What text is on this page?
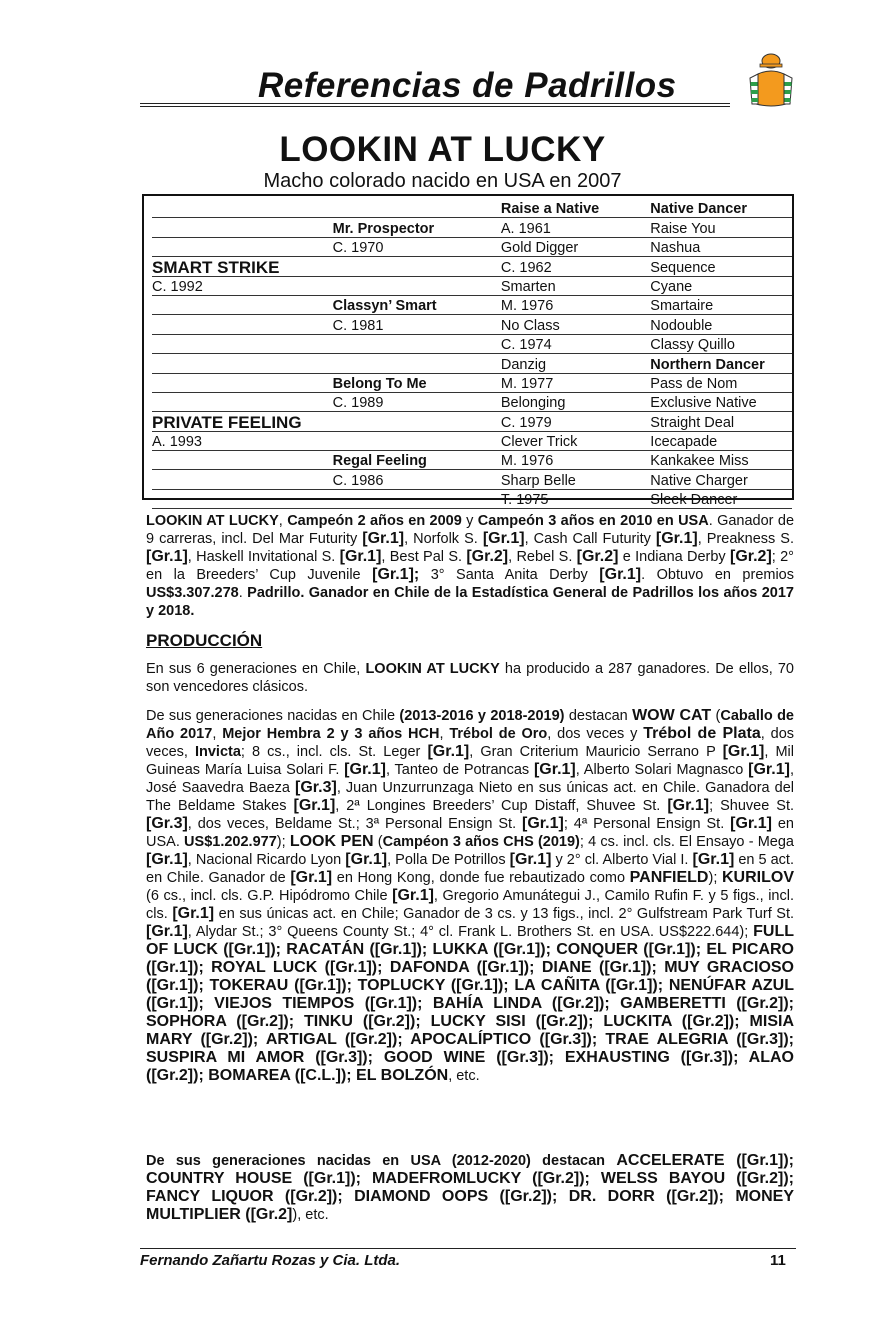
Referencias de Padrillos
LOOKIN AT LUCKY
Macho colorado nacido en USA en 2007
		Raise a Native	Native Dancer
	Mr. Prospector	A. 1961	Raise You
	C. 1970	Gold Digger	Nashua
SMART STRIKE		C. 1962	Sequence
C. 1992		Smarten	Cyane
	Classyn’ Smart	M. 1976	Smartaire
	C. 1981	No Class	Nodouble
		C. 1974	Classy Quillo
		Danzig	Northern Dancer
	Belong To Me	M. 1977	Pass de Nom
	C. 1989	Belonging	Exclusive Native
PRIVATE FEELING		C. 1979	Straight Deal
A. 1993		Clever Trick	Icecapade
	Regal Feeling	M. 1976	Kankakee Miss
	C. 1986	Sharp Belle	Native Charger
		T. 1975	Sleek Dancer
LOOKIN AT LUCKY, Campeón 2 años en 2009 y Campeón 3 años en 2010 en USA. Ganador de 9 carreras, incl. Del Mar Futurity [Gr.1], Norfolk S. [Gr.1], Cash Call Futurity [Gr.1], Preakness S. [Gr.1], Haskell Invitational S. [Gr.1], Best Pal S. [Gr.2], Rebel S. [Gr.2] e Indiana Derby [Gr.2]; 2° en la Breeders’ Cup Juvenile [Gr.1]; 3° Santa Anita Derby [Gr.1]. Obtuvo en premios US$3.307.278. Padrillo. Ganador en Chile de la Estadística General de Padrillos los años 2017 y 2018.
PRODUCCIÓN
En sus 6 generaciones en Chile, LOOKIN AT LUCKY ha producido a 287 ganadores. De ellos, 70 son vencedores clásicos.
De sus generaciones nacidas en Chile (2013-2016 y 2018-2019) destacan WOW CAT (Caballo de Año 2017, Mejor Hembra 2 y 3 años HCH, Trébol de Oro, dos veces y Trébol de Plata, dos veces, Invicta; 8 cs., incl. cls. St. Leger [Gr.1], Gran Criterium Mauricio Serrano P [Gr.1], Mil Guineas María Luisa Solari F. [Gr.1], Tanteo de Potrancas [Gr.1], Alberto Solari Magnasco [Gr.1], José Saavedra Baeza [Gr.3], Juan Unzurrunzaga Nieto en sus únicas act. en Chile. Ganadora del The Beldame Stakes [Gr.1], 2ª Longines Breeders’ Cup Distaff, Shuvee St. [Gr.1]; Shuvee St. [Gr.3], dos veces, Beldame St.; 3ª Personal Ensign St. [Gr.1]; 4ª Personal Ensign St. [Gr.1] en USA. US$1.202.977); LOOK PEN (Campéon 3 años CHS (2019); 4 cs. incl. cls. El Ensayo - Mega [Gr.1], Nacional Ricardo Lyon [Gr.1], Polla De Potrillos [Gr.1] y 2° cl. Alberto Vial I. [Gr.1] en 5 act. en Chile. Ganador de [Gr.1] en Hong Kong, donde fue rebautizado como PANFIELD); KURILOV (6 cs., incl. cls. G.P. Hipódromo Chile [Gr.1], Gregorio Amunátegui J., Camilo Rufin F. y 5 figs., incl. cls. [Gr.1] en sus únicas act. en Chile; Ganador de 3 cs. y 13 figs., incl. 2° Gulfstream Park Turf St. [Gr.1], Alydar St.; 3° Queens County St.; 4° cl. Frank L. Brothers St. en USA. US$222.644); FULL OF LUCK ([Gr.1]); RACATÁN ([Gr.1]); LUKKA ([Gr.1]); CONQUER ([Gr.1]); EL PICARO ([Gr.1]); ROYAL LUCK ([Gr.1]); DAFONDA ([Gr.1]); DIANE ([Gr.1]); MUY GRACIOSO ([Gr.1]); TOKERAU ([Gr.1]); TOPLUCKY ([Gr.1]); LA CAÑITA ([Gr.1]); NENÚFAR AZUL ([Gr.1]); VIEJOS TIEMPOS ([Gr.1]); BAHÍA LINDA ([Gr.2]); GAMBERETTI ([Gr.2]); SOPHORA ([Gr.2]); TINKU ([Gr.2]); LUCKY SISI ([Gr.2]); LUCKITA ([Gr.2]); MISIA MARY ([Gr.2]); ARTIGAL ([Gr.2]); APOCALÍPTICO ([Gr.3]); TRAE ALEGRIA ([Gr.3]); SUSPIRA MI AMOR ([Gr.3]); GOOD WINE ([Gr.3]); EXHAUSTING ([Gr.3]); ALAO ([Gr.2]); BOMAREA ([C.L.]); EL BOLZÓN, etc.
De sus generaciones nacidas en USA (2012-2020) destacan ACCELERATE ([Gr.1]); COUNTRY HOUSE ([Gr.1]); MADEFROMLUCKY ([Gr.2]); WELSS BAYOU ([Gr.2]); FANCY LIQUOR ([Gr.2]); DIAMOND OOPS ([Gr.2]); DR. DORR ([Gr.2]); MONEY MULTIPLIER ([Gr.2]), etc.
Fernando Zañartu Rozas y Cia. Ltda.	11
